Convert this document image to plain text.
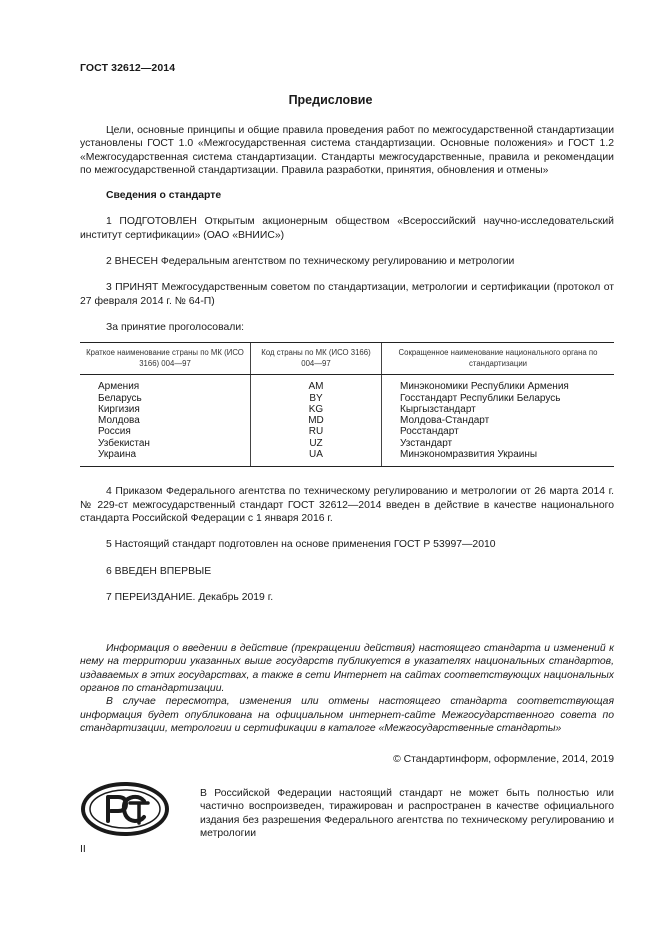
ГОСТ 32612—2014
Предисловие

Цели, основные принципы и общие правила проведения работ по межгосударственной стандартизации установлены ГОСТ 1.0 «Межгосударственная система стандартизации. Основные положения» и ГОСТ 1.2 «Межгосударственная система стандартизации. Стандарты межгосударственные, правила и рекомендации по межгосударственной стандартизации. Правила разработки, принятия, обновления и отмены»

Сведения о стандарте

1 ПОДГОТОВЛЕН Открытым акционерным обществом «Всероссийский научно-исследовательский институт сертификации» (ОАО «ВНИИС»)

2 ВНЕСЕН Федеральным агентством по техническому регулированию и метрологии

3 ПРИНЯТ Межгосударственным советом по стандартизации, метрологии и сертификации (протокол от 27 февраля 2014 г. № 64-П)

За принятие проголосовали:

Краткое наименование страны по МК (ИСО 3166) 004—97	Код страны по МК (ИСО 3166) 004—97	Сокращенное наименование национального органа по стандартизации
Армения	AM	Минэкономики Республики Армения
Беларусь	BY	Госстандарт Республики Беларусь
Киргизия	KG	Кыргызстандарт
Молдова	MD	Молдова-Стандарт
Россия	RU	Росстандарт
Узбекистан	UZ	Узстандарт
Украина	UA	Минэкономразвития Украины

4 Приказом Федерального агентства по техническому регулированию и метрологии от 26 марта 2014 г. № 229-ст межгосударственный стандарт ГОСТ 32612—2014 введен в действие в качестве национального стандарта Российской Федерации с 1 января 2016 г.

5 Настоящий стандарт подготовлен на основе применения ГОСТ Р 53997—2010

6 ВВЕДЕН ВПЕРВЫЕ

7 ПЕРЕИЗДАНИЕ. Декабрь 2019 г.

Информация о введении в действие (прекращении действия) настоящего стандарта и изменений к нему на территории указанных выше государств публикуется в указателях национальных стандартов, издаваемых в этих государствах, а также в сети Интернет на сайтах соответствующих национальных органов по стандартизации.

В случае пересмотра, изменения или отмены настоящего стандарта соответствующая информация будет опубликована на официальном интернет-сайте Межгосударственного совета по стандартизации, метрологии и сертификации в каталоге «Межгосударственные стандарты»

© Стандартинформ, оформление, 2014, 2019

В Российской Федерации настоящий стандарт не может быть полностью или частично воспроизведен, тиражирован и распространен в качестве официального издания без разрешения Федерального агентства по техническому регулированию и метрологии

II
